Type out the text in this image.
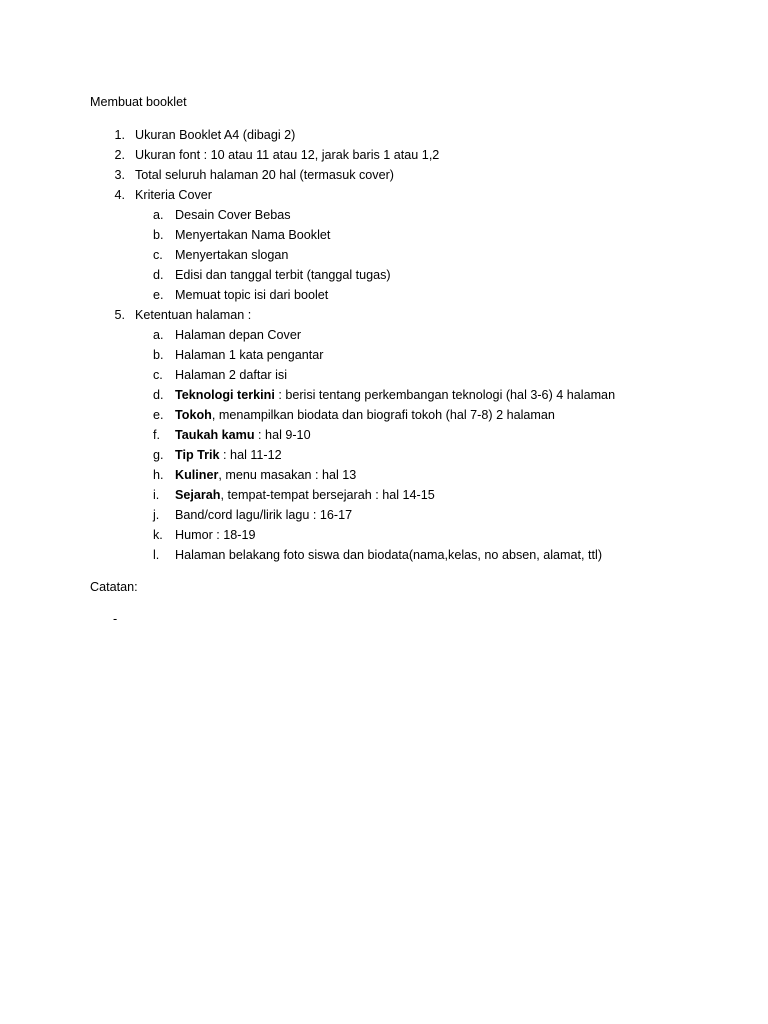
Membuat booklet
1. Ukuran Booklet A4 (dibagi 2)
2. Ukuran font : 10 atau 11 atau 12, jarak baris 1 atau 1,2
3. Total seluruh halaman 20 hal (termasuk cover)
4. Kriteria Cover
a. Desain Cover Bebas
b. Menyertakan Nama Booklet
c. Menyertakan slogan
d. Edisi dan tanggal terbit (tanggal tugas)
e. Memuat topic isi dari boolet
5. Ketentuan halaman :
a. Halaman depan Cover
b. Halaman 1 kata pengantar
c. Halaman 2 daftar isi
d. Teknologi terkini : berisi tentang perkembangan teknologi (hal 3-6) 4 halaman
e. Tokoh, menampilkan biodata dan biografi tokoh (hal 7-8) 2 halaman
f. Taukah kamu : hal 9-10
g. Tip Trik : hal 11-12
h. Kuliner, menu masakan : hal 13
i. Sejarah, tempat-tempat bersejarah : hal 14-15
j. Band/cord lagu/lirik lagu : 16-17
k. Humor : 18-19
l. Halaman belakang foto siswa dan biodata(nama,kelas, no absen, alamat, ttl)
Catatan:
-
